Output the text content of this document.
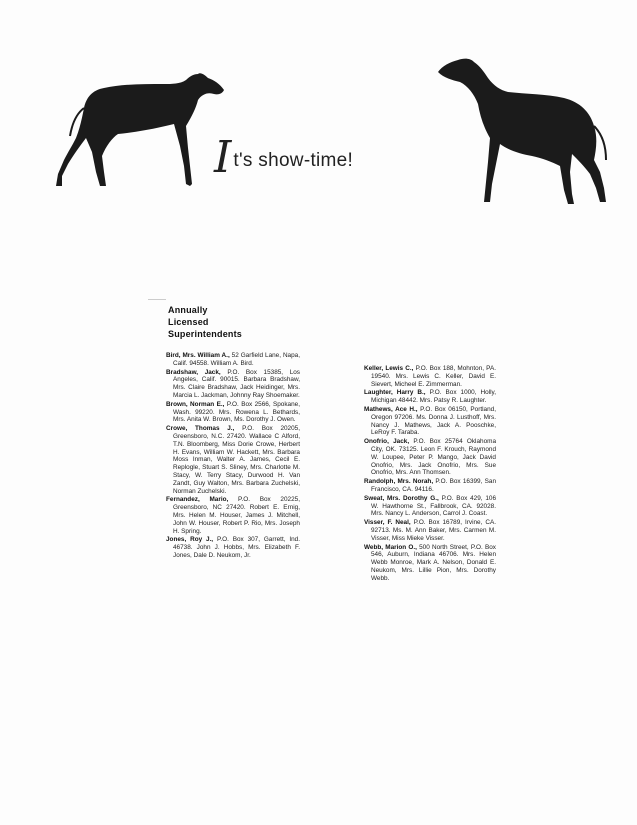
I t's show-time!
Annually
Licensed
Superintendents

Bird, Mrs. William A., 52 Garfield Lane, Napa, Calif. 94558. William A. Bird.

Bradshaw, Jack, P.O. Box 15385, Los Angeles, Calif. 90015. Barbara Bradshaw, Mrs. Claire Bradshaw, Jack Heidinger, Mrs. Marcia L. Jackman, Johnny Ray Shoemaker.

Brown, Norman E., P.O. Box 2566, Spokane, Wash. 99220. Mrs. Rowena L. Bethards, Mrs. Anita W. Brown, Ms. Dorothy J. Owen.

Crowe, Thomas J., P.O. Box 20205, Greensboro, N.C. 27420. Wallace C Alford, T.N. Bloomberg, Miss Dorie Crowe, Herbert H. Evans, William W. Hackett, Mrs. Barbara Moss Inman, Walter A. James, Cecil E. Replogle, Stuart S. Sliney, Mrs. Charlotte M. Stacy, W. Terry Stacy, Durwood H. Van Zandt, Guy Walton, Mrs. Barbara Zuchelski, Norman Zuchelski.

Fernandez, Mario, P.O. Box 20225, Greensboro, NC 27420. Robert E. Ernig, Mrs. Helen M. Houser, James J. Mitchell, John W. Houser, Robert P. Rio, Mrs. Joseph H. Spring.

Jones, Roy J., P.O. Box 307, Garrett, Ind. 46738. John J. Hobbs, Mrs. Elizabeth F. Jones, Dale D. Neukom, Jr.

Keller, Lewis C., P.O. Box 188, Mohnton, PA. 19540. Mrs. Lewis C. Keller, David E. Sievert, Micheel E. Zimmerman.

Laughter, Harry B., P.O. Box 1000, Holly, Michigan 48442. Mrs. Patsy R. Laughter.

Mathews, Ace H., P.O. Box 06150, Portland, Oregon 97206. Ms. Donna J. Lusthoff, Mrs. Nancy J. Mathews, Jack A. Pooschke, LeRoy F. Taraba.

Onofrio, Jack, P.O. Box 25764 Oklahoma City, OK. 73125. Leon F. Krouch, Raymond W. Loupee, Peter P. Mango, Jack David Onofrio, Mrs. Jack Onofrio, Mrs. Sue Onofrio, Mrs. Ann Thomsen.

Randolph, Mrs. Norah, P.O. Box 16399, San Francisco, CA. 94116.

Sweat, Mrs. Dorothy G., P.O. Box 429, 106 W. Hawthorne St., Fallbrook, CA. 92028. Mrs. Nancy L. Anderson, Carrol J. Coast.

Visser, F. Neal, P.O. Box 16789, Irvine, CA. 92713. Ms. M. Ann Baker, Mrs. Carmen M. Visser, Miss Mieke Visser.

Webb, Marion O., 500 North Street, P.O. Box 546, Auburn, Indiana 46706. Mrs. Helen Webb Monroe, Mark A. Nelson, Donald E. Neukom, Mrs. Lillie Pion, Mrs. Dorothy Webb.
